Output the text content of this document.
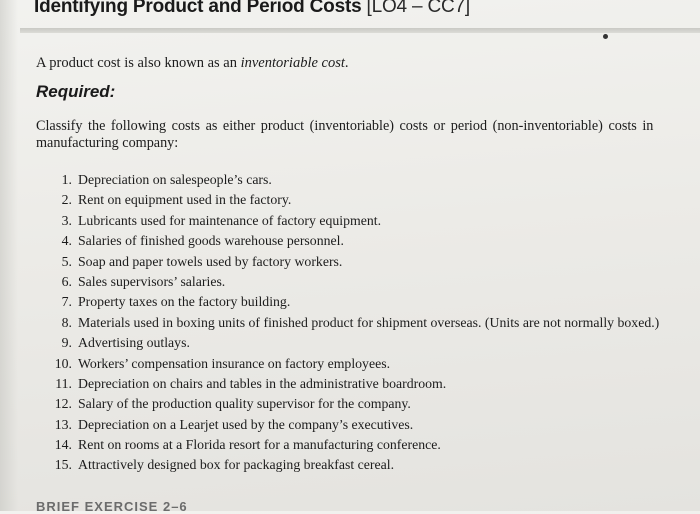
Identifying Product and Period Costs [LO4 – CC7]
A product cost is also known as an inventoriable cost.
Required:
Classify the following costs as either product (inventoriable) costs or period (non-inventoriable) costs in
manufacturing company:
1. Depreciation on salespeople’s cars.
2. Rent on equipment used in the factory.
3. Lubricants used for maintenance of factory equipment.
4. Salaries of finished goods warehouse personnel.
5. Soap and paper towels used by factory workers.
6. Sales supervisors’ salaries.
7. Property taxes on the factory building.
8. Materials used in boxing units of finished product for shipment overseas. (Units are not normally boxed.)
9. Advertising outlays.
10. Workers’ compensation insurance on factory employees.
11. Depreciation on chairs and tables in the administrative boardroom.
12. Salary of the production quality supervisor for the company.
13. Depreciation on a Learjet used by the company’s executives.
14. Rent on rooms at a Florida resort for a manufacturing conference.
15. Attractively designed box for packaging breakfast cereal.
BRIEF EXERCISE 2–6
